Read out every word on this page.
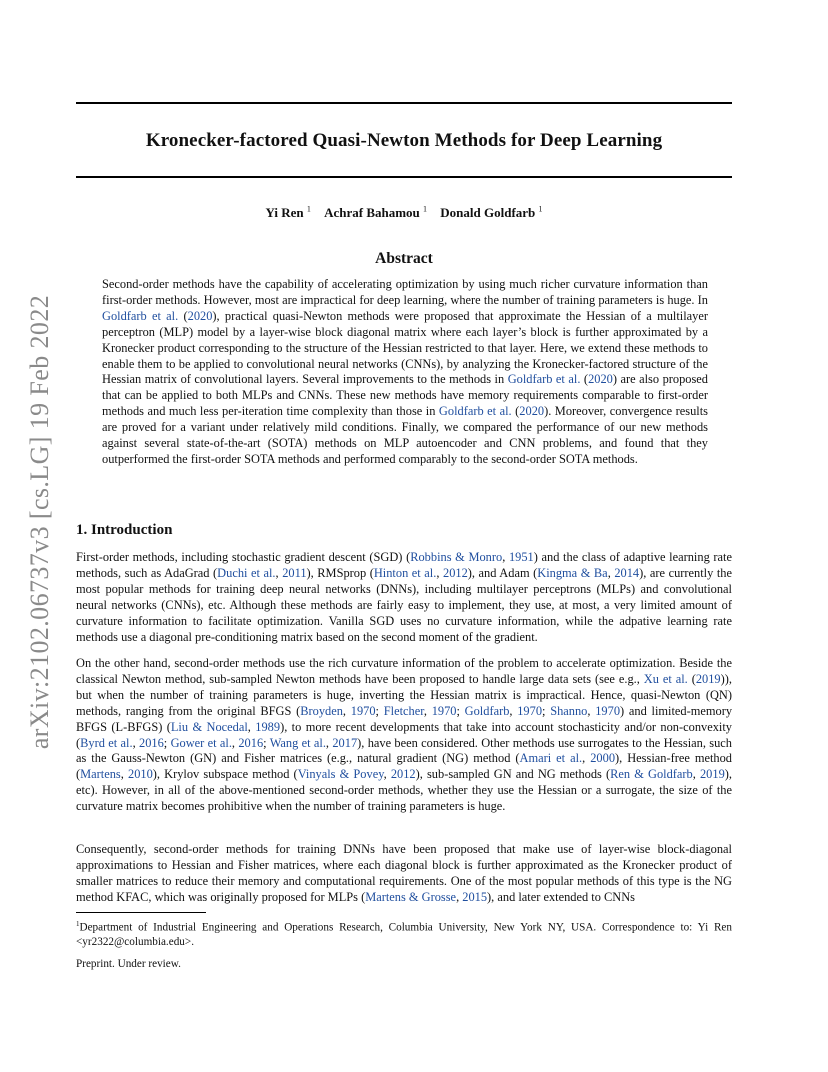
arXiv:2102.06737v3 [cs.LG] 19 Feb 2022
Kronecker-factored Quasi-Newton Methods for Deep Learning
Yi Ren $^1$ Achraf Bahamou $^1$ Donald Goldfarb $^1$
Abstract
Second-order methods have the capability of accelerating optimization by using much richer curvature information than first-order methods. However, most are impractical for deep learning, where the number of training parameters is huge. In Goldfarb et al. (2020), practical quasi-Newton methods were proposed that approximate the Hessian of a multilayer perceptron (MLP) model by a layer-wise block diagonal matrix where each layer’s block is further approximated by a Kronecker product corresponding to the structure of the Hessian restricted to that layer. Here, we extend these methods to enable them to be applied to convolutional neural networks (CNNs), by analyzing the Kronecker-factored structure of the Hessian matrix of convolutional layers. Several improvements to the methods in Goldfarb et al. (2020) are also proposed that can be applied to both MLPs and CNNs. These new methods have memory requirements comparable to first-order methods and much less per-iteration time complexity than those in Goldfarb et al. (2020). Moreover, convergence results are proved for a variant under relatively mild conditions. Finally, we compared the performance of our new methods against several state-of-the-art (SOTA) methods on MLP autoencoder and CNN problems, and found that they outperformed the first-order SOTA methods and performed comparably to the second-order SOTA methods.
1. Introduction
First-order methods, including stochastic gradient descent (SGD) (Robbins & Monro, 1951) and the class of adaptive learning rate methods, such as AdaGrad (Duchi et al., 2011), RMSprop (Hinton et al., 2012), and Adam (Kingma & Ba, 2014), are currently the most popular methods for training deep neural networks (DNNs), including multilayer perceptrons (MLPs) and convolutional neural networks (CNNs), etc. Although these methods are fairly easy to implement, they use, at most, a very limited amount of curvature information to facilitate optimization. Vanilla SGD uses no curvature information, while the adpative learning rate methods use a diagonal pre-conditioning matrix based on the second moment of the gradient.
On the other hand, second-order methods use the rich curvature information of the problem to accelerate optimization. Beside the classical Newton method, sub-sampled Newton methods have been proposed to handle large data sets (see e.g., Xu et al. (2019)), but when the number of training parameters is huge, inverting the Hessian matrix is impractical. Hence, quasi-Newton (QN) methods, ranging from the original BFGS (Broyden, 1970; Fletcher, 1970; Goldfarb, 1970; Shanno, 1970) and limited-memory BFGS (L-BFGS) (Liu & Nocedal, 1989), to more recent developments that take into account stochasticity and/or non-convexity (Byrd et al., 2016; Gower et al., 2016; Wang et al., 2017), have been considered. Other methods use surrogates to the Hessian, such as the Gauss-Newton (GN) and Fisher matrices (e.g., natural gradient (NG) method (Amari et al., 2000), Hessian-free method (Martens, 2010), Krylov subspace method (Vinyals & Povey, 2012), sub-sampled GN and NG methods (Ren & Goldfarb, 2019), etc). However, in all of the above-mentioned second-order methods, whether they use the Hessian or a surrogate, the size of the curvature matrix becomes prohibitive when the number of training parameters is huge.
Consequently, second-order methods for training DNNs have been proposed that make use of layer-wise block-diagonal approximations to Hessian and Fisher matrices, where each diagonal block is further approximated as the Kronecker product of smaller matrices to reduce their memory and computational requirements. One of the most popular methods of this type is the NG method KFAC, which was originally proposed for MLPs (Martens & Grosse, 2015), and later extended to CNNs
$^1$Department of Industrial Engineering and Operations Research, Columbia University, New York NY, USA. Correspondence to: Yi Ren <yr2322@columbia.edu>.
Preprint. Under review.
